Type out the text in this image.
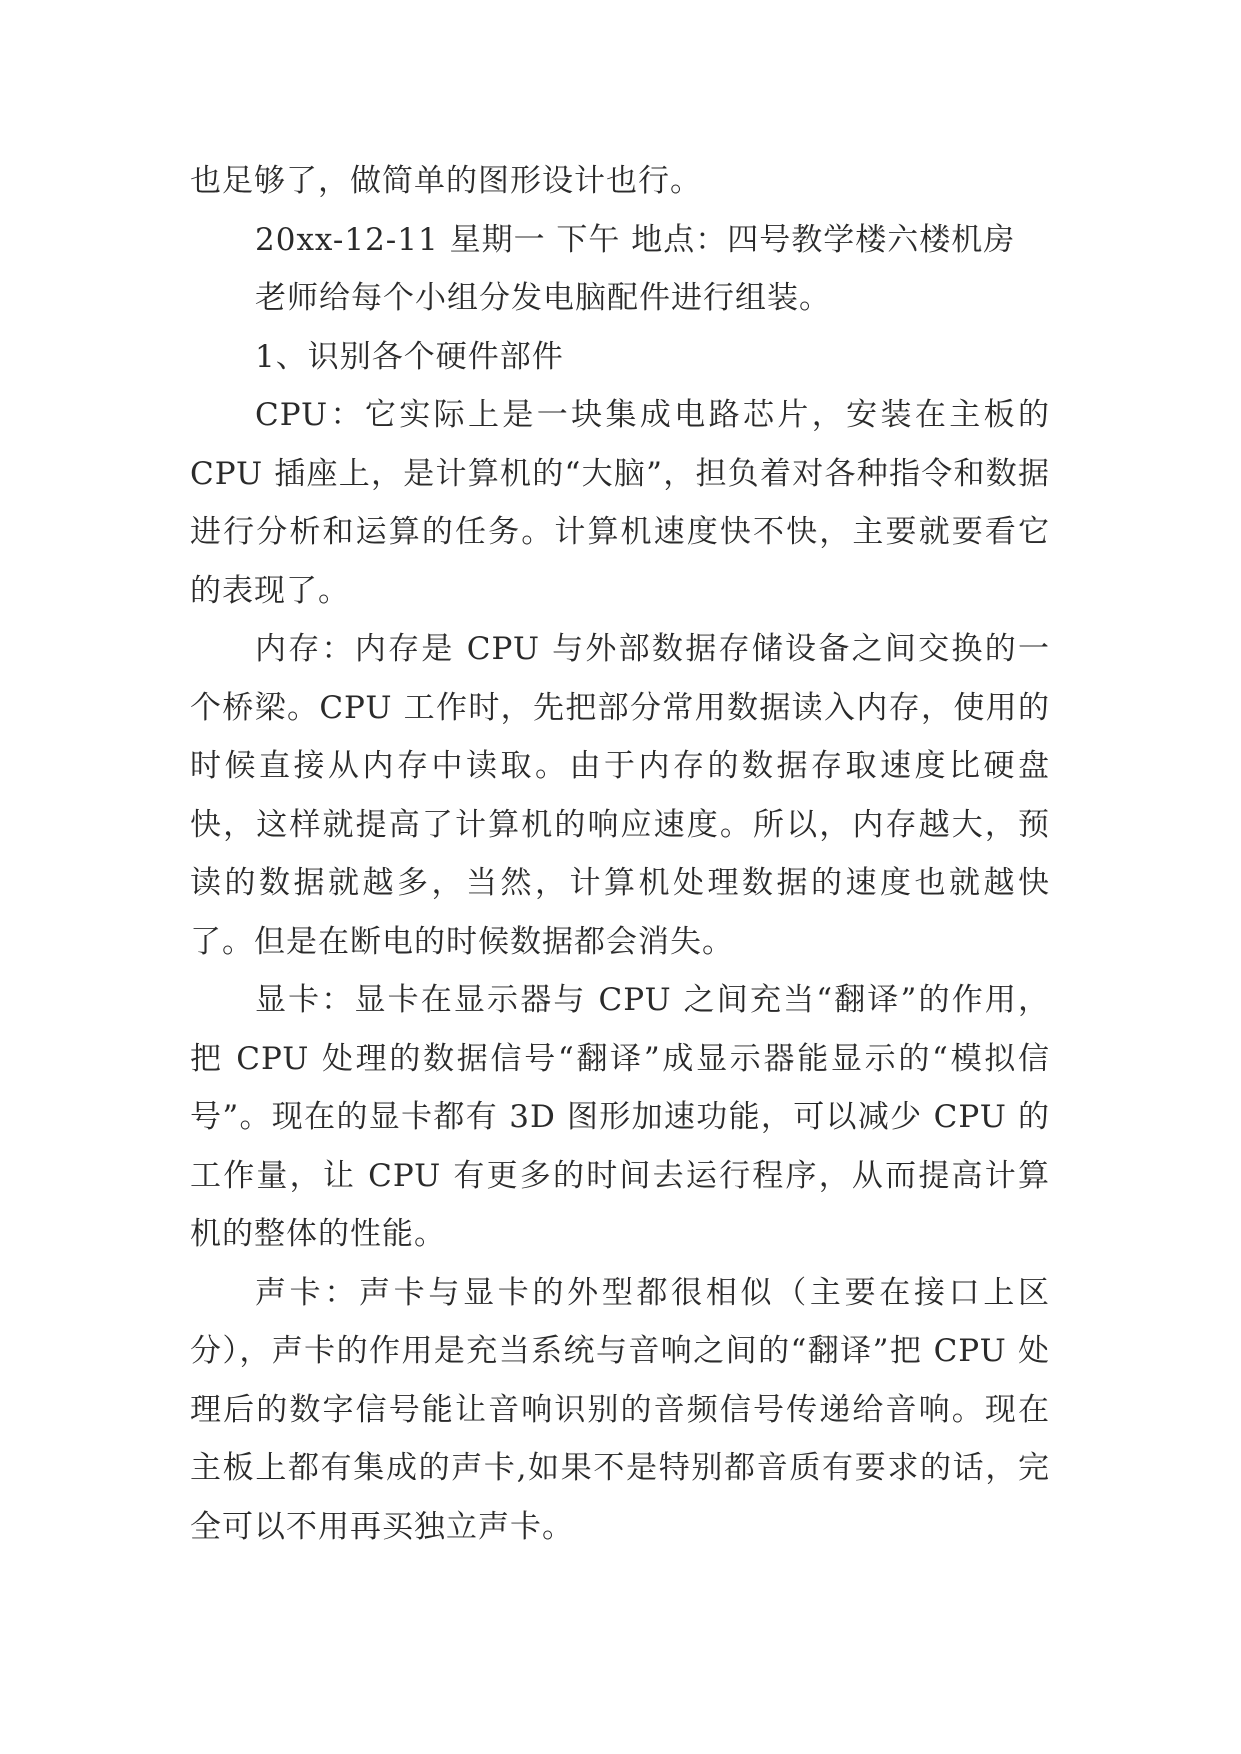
也足够了，做简单的图形设计也行。

20xx-12-11 星期一 下午 地点：四号教学楼六楼机房

老师给每个小组分发电脑配件进行组装。

1、识别各个硬件部件

CPU：它实际上是一块集成电路芯片，安装在主板的 CPU 插座上，是计算机的“大脑”，担负着对各种指令和数据进行分析和运算的任务。计算机速度快不快，主要就要看它的表现了。

内存：内存是 CPU 与外部数据存储设备之间交换的一个桥梁。CPU 工作时，先把部分常用数据读入内存，使用的时候直接从内存中读取。由于内存的数据存取速度比硬盘快，这样就提高了计算机的响应速度。所以，内存越大，预读的数据就越多，当然，计算机处理数据的速度也就越快了。但是在断电的时候数据都会消失。

显卡：显卡在显示器与 CPU 之间充当“翻译”的作用，把 CPU 处理的数据信号“翻译”成显示器能显示的“模拟信号”。现在的显卡都有 3D 图形加速功能，可以减少 CPU 的工作量，让 CPU 有更多的时间去运行程序，从而提高计算机的整体的性能。

声卡：声卡与显卡的外型都很相似（主要在接口上区分），声卡的作用是充当系统与音响之间的“翻译”把 CPU 处理后的数字信号能让音响识别的音频信号传递给音响。现在主板上都有集成的声卡,如果不是特别都音质有要求的话，完全可以不用再买独立声卡。
